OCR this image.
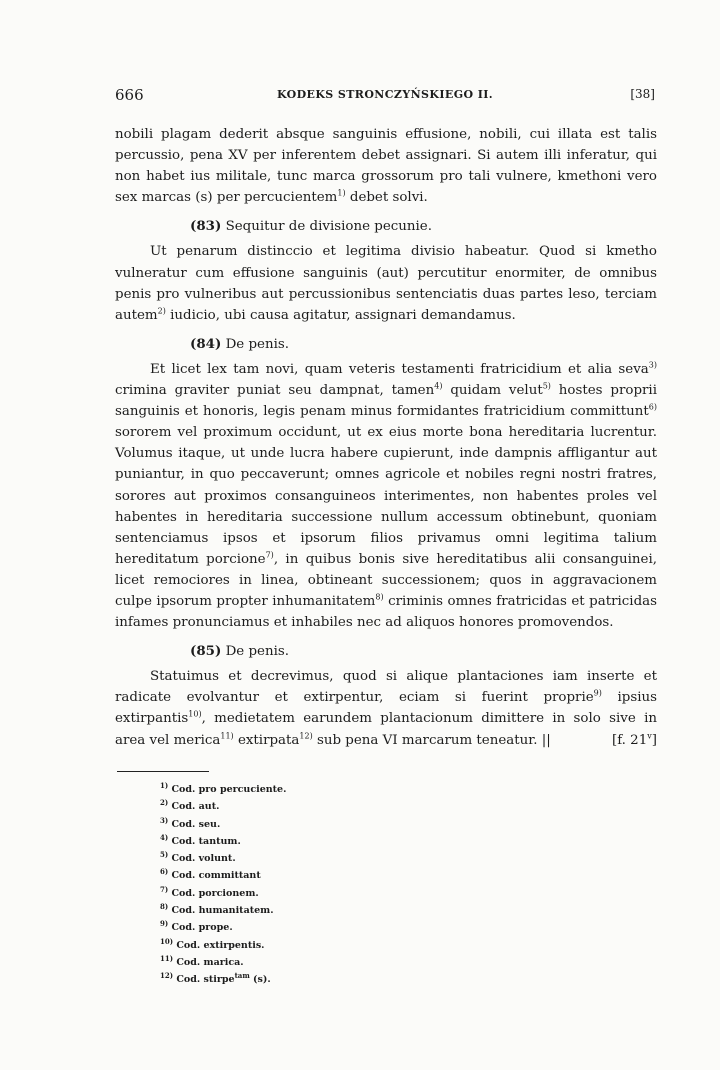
666	KODEKS STRONCZYŃSKIEGO II.	[38]

nobili plagam dederit absque sanguinis effusione, nobili, cui illata est talis percussio, pena XV per inferentem debet assignari. Si autem illi inferatur, qui non habet ius militale, tunc marca grossorum pro tali vulnere, kmethoni vero sex marcas (s) per percucientem$^{1)}$ debet solvi.

(83) Sequitur de divisione pecunie.

Ut penarum distinccio et legitima divisio habeatur. Quod si kmetho vulneratur cum effusione sanguinis (aut) percutitur enormiter, de omnibus penis pro vulneribus aut percussionibus sentenciatis duas partes leso, terciam autem$^{2)}$ iudicio, ubi causa agitatur, assignari demandamus.

(84) De penis.

Et licet lex tam novi, quam veteris testamenti fratricidium et alia seva$^{3)}$ crimina graviter puniat seu dampnat, tamen$^{4)}$ quidam velut$^{5)}$ hostes proprii sanguinis et honoris, legis penam minus formidantes fratricidium committunt$^{6)}$ sororem vel proximum occidunt, ut ex eius morte bona hereditaria lucrentur. Volumus itaque, ut unde lucra habere cupierunt, inde dampnis affligantur aut puniantur, in quo peccaverunt; omnes agricole et nobiles regni nostri fratres, sorores aut proximos consanguineos interimentes, non habentes proles vel habentes in hereditaria successione nullum accessum obtinebunt, quoniam sentenciamus ipsos et ipsorum filios privamus omni legitima talium hereditatum porcione$^{7)}$, in quibus bonis sive hereditatibus alii consanguinei, licet remociores in linea, obtineant successionem; quos in aggravacionem culpe ipsorum propter inhumanitatem$^{8)}$ criminis omnes fratricidas et patricidas infames pronunciamus et inhabiles nec ad aliquos honores promovendos.

(85) De penis.

Statuimus et decrevimus, quod si alique plantaciones iam inserte et radicate evolvantur et extirpentur, eciam si fuerint proprie$^{9)}$ ipsius extirpantis$^{10)}$, medietatem earundem plantacionum dimittere in solo sive in area vel merica$^{11)}$ extirpata$^{12)}$ sub pena VI marcarum teneatur. ||	[f. 21$^v$]

$^{1)}$ Cod. pro percuciente.
$^{2)}$ Cod. aut.
$^{3)}$ Cod. seu.
$^{4)}$ Cod. tantum.
$^{5)}$ Cod. volunt.
$^{6)}$ Cod. committant
$^{7)}$ Cod. porcionem.
$^{8)}$ Cod. humanitatem.
$^{9)}$ Cod. prope.
$^{10)}$ Cod. extirpentis.
$^{11)}$ Cod. marica.
$^{12)}$ Cod. stirpe$^{tam}$ (s).
